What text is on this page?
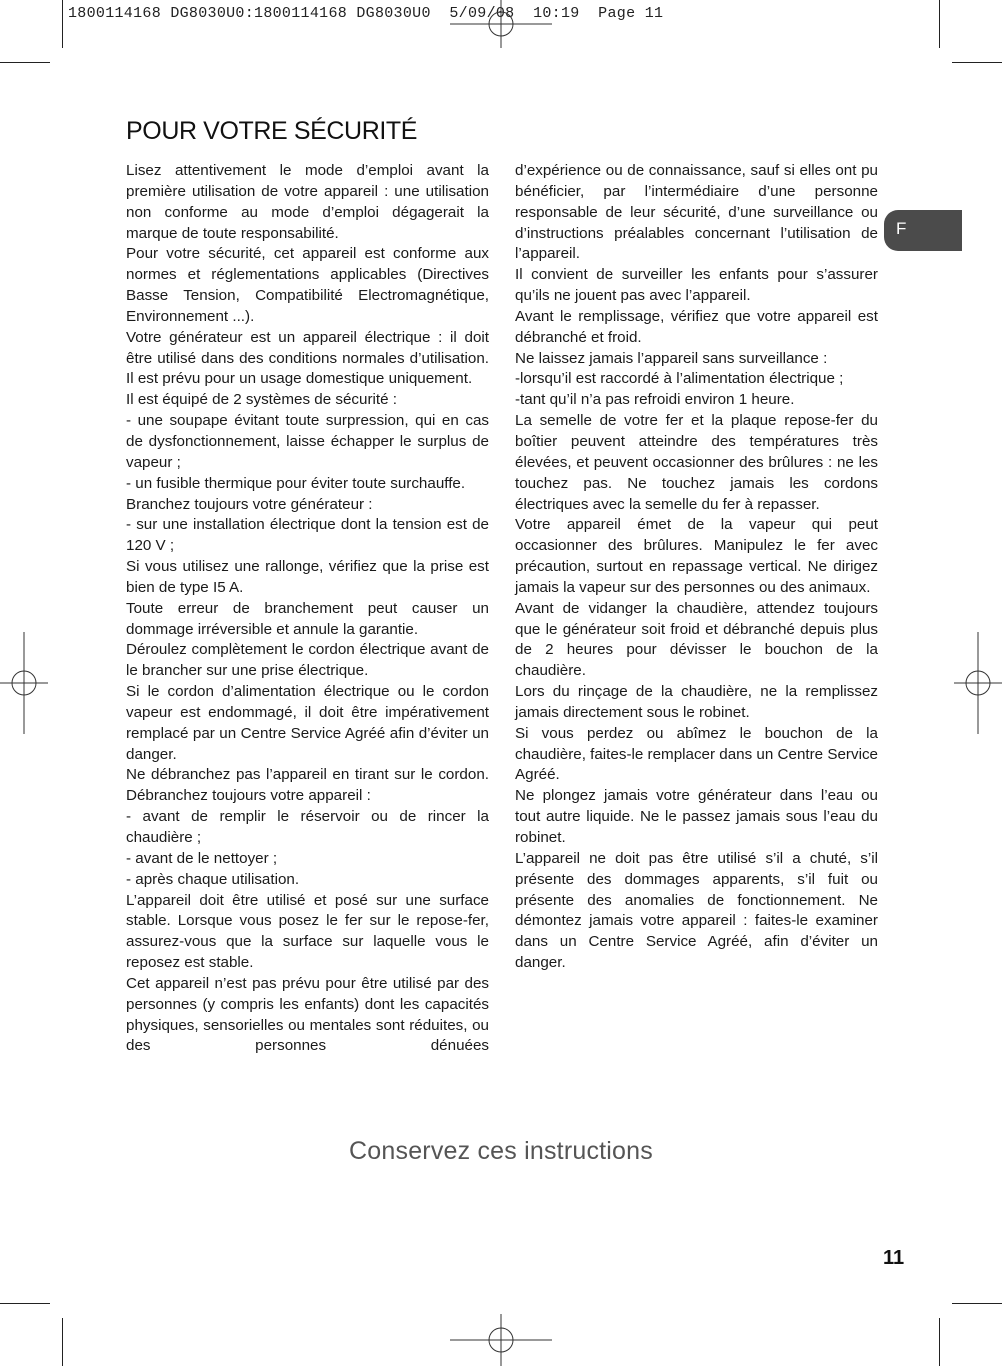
1800114168 DG8030U0:1800114168 DG8030U0  5/09/08  10:19  Page 11
POUR VOTRE SÉCURITÉ
F

Lisez attentivement le mode d’emploi avant la première utilisation de votre appareil : une utilisation non conforme au mode d’emploi dégagerait la marque de toute responsabilité.

Pour votre sécurité, cet appareil est conforme aux normes et réglementations applicables (Directives Basse Tension, Compatibilité Electromagnétique, Environnement ...).

Votre générateur est un appareil électrique : il doit être utilisé dans des conditions normales d’utilisation. Il est prévu pour un usage domestique uniquement.

Il est équipé de 2 systèmes de sécurité :

- une soupape évitant toute surpression, qui en cas de dysfonctionnement, laisse échapper le surplus de vapeur ;

- un fusible thermique pour éviter toute surchauffe.

Branchez toujours votre générateur :

- sur une installation électrique dont la tension est de 120 V ;

Si vous utilisez une rallonge, vérifiez que la prise est bien de type I5 A.

Toute erreur de branchement peut causer un dommage irréversible et annule la garantie.

Déroulez complètement le cordon électrique avant de le brancher sur une prise électrique.

Si le cordon d’alimentation électrique ou le cordon vapeur est endommagé, il doit être impérativement remplacé par un Centre Service Agréé afin d’éviter un danger.

Ne débranchez pas l’appareil en tirant sur le cordon. Débranchez toujours votre appareil :

- avant de remplir le réservoir ou de rincer la chaudière ;

- avant de le nettoyer ;

- après chaque utilisation.

L’appareil doit être utilisé et posé sur une surface stable. Lorsque vous posez le fer sur le repose-fer, assurez-vous que la surface sur laquelle vous le reposez est stable.

Cet appareil n’est pas prévu pour être utilisé par des personnes (y compris les enfants) dont les capacités physiques, sensorielles ou mentales sont réduites, ou des personnes dénuées

d’expérience ou de connaissance, sauf si elles ont pu bénéficier, par l’intermédiaire d’une personne responsable de leur sécurité, d’une surveillance ou d’instructions préalables concernant l’utilisation de l’appareil.

Il convient de surveiller les enfants pour s’assurer qu’ils ne jouent pas avec l’appareil.

Avant le remplissage, vérifiez que votre appareil est débranché et froid.

Ne laissez jamais l’appareil sans surveillance :

-lorsqu’il est raccordé à l’alimentation électrique ;

-tant qu’il n’a pas refroidi environ 1 heure.

La semelle de votre fer et la plaque repose-fer du boîtier peuvent atteindre des températures très élevées, et peuvent occasionner des brûlures : ne les touchez pas. Ne touchez jamais les cordons électriques avec la semelle du fer à repasser.

Votre appareil émet de la vapeur qui peut occasionner des brûlures. Manipulez le fer avec précaution, surtout en repassage vertical. Ne dirigez jamais la vapeur sur des personnes ou des animaux.

Avant de vidanger la chaudière, attendez toujours que le générateur soit froid et débranché depuis plus de 2 heures pour dévisser le bouchon de la chaudière.

Lors du rinçage de la chaudière, ne la remplissez jamais directement sous le robinet.

Si vous perdez ou abîmez le bouchon de la chaudière, faites-le remplacer dans un Centre Service Agréé.

Ne plongez jamais votre générateur dans l’eau ou tout autre liquide. Ne le passez jamais sous l’eau du robinet.

L’appareil ne doit pas être utilisé s’il a chuté, s’il présente des dommages apparents, s’il fuit ou présente des anomalies de fonctionnement. Ne démontez jamais votre appareil : faites-le examiner dans un Centre Service Agréé, afin d’éviter un danger.

Conservez ces instructions
11
